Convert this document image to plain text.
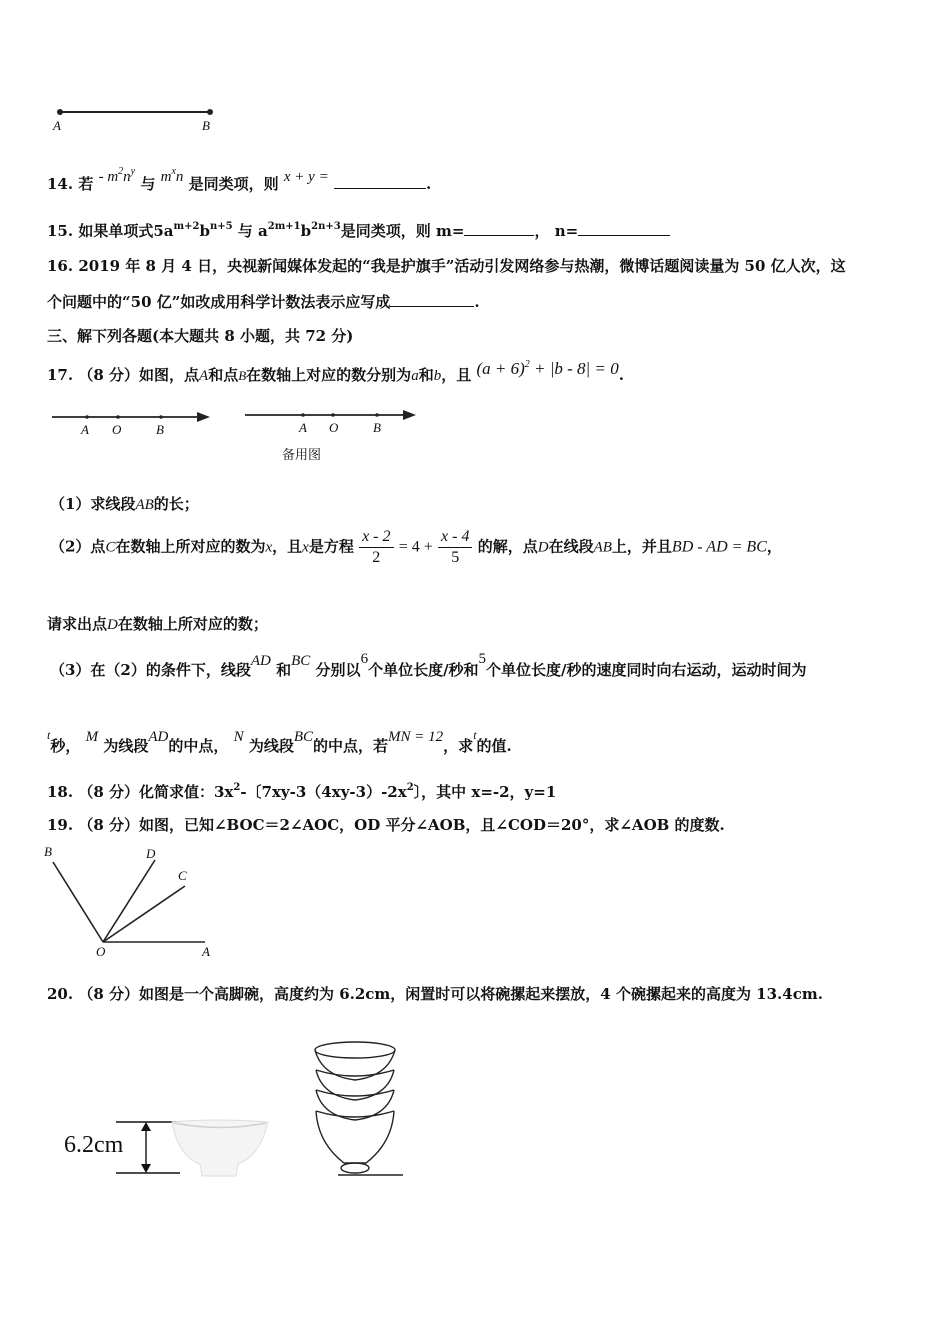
A	B
14. 若 - $m^2n^y$ 与 $m^xn$ 是同类项，则 x + y =	.
15. 如果单项式$5a^{m+2}b^{n+5}$ 与 $a^{2m+1}b^{2n+3}$是同类项，则 m=	， n=
16. 2019 年 8 月 4 日，央视新闻媒体发起的“我是护旗手”活动引发网络参与热潮，微博话题阅读量为 50 亿人次，这
个问题中的“50 亿”如改成用科学计数法表示应写成	.
三、解下列各题(本大题共 8 小题，共 72 分)
17. （8 分）如图，点A和点B在数轴上对应的数分别为a和b，且 $(a + 6)^2 + |b - 8| = 0$.
A O	B	A O	B
备用图
（1）求线段AB的长；
（2）点C在数轴上所对应的数为x，且x是方程 $\frac{x - 2}{2} = 4 + \frac{x - 4}{5}$ 的解，点D在线段AB上，并且BD - AD = BC，
请求出点D在数轴上所对应的数；
（3）在（2）的条件下，线段AD 和BC 分别以6个单位长度/秒和5个单位长度/秒的速度同时向右运动，运动时间为
$^t$秒， M 为线段AD的中点， N 为线段BC的中点，若MN = 12，求$^t$的值.
18. （8 分）化简求值：$3x^2-$〔$7xy-3(4xy-3)-2x^2$〕，其中 x=-2，y=1
19. （8 分）如图，已知∠BOC＝2∠AOC，OD 平分∠AOB，且∠COD＝20°，求∠AOB 的度数.
B	D
C
O	A
20. （8 分）如图是一个高脚碗，高度约为 6.2cm，闲置时可以将碗摞起来摆放，4 个碗摞起来的高度为 13.4cm.
6.2cm
